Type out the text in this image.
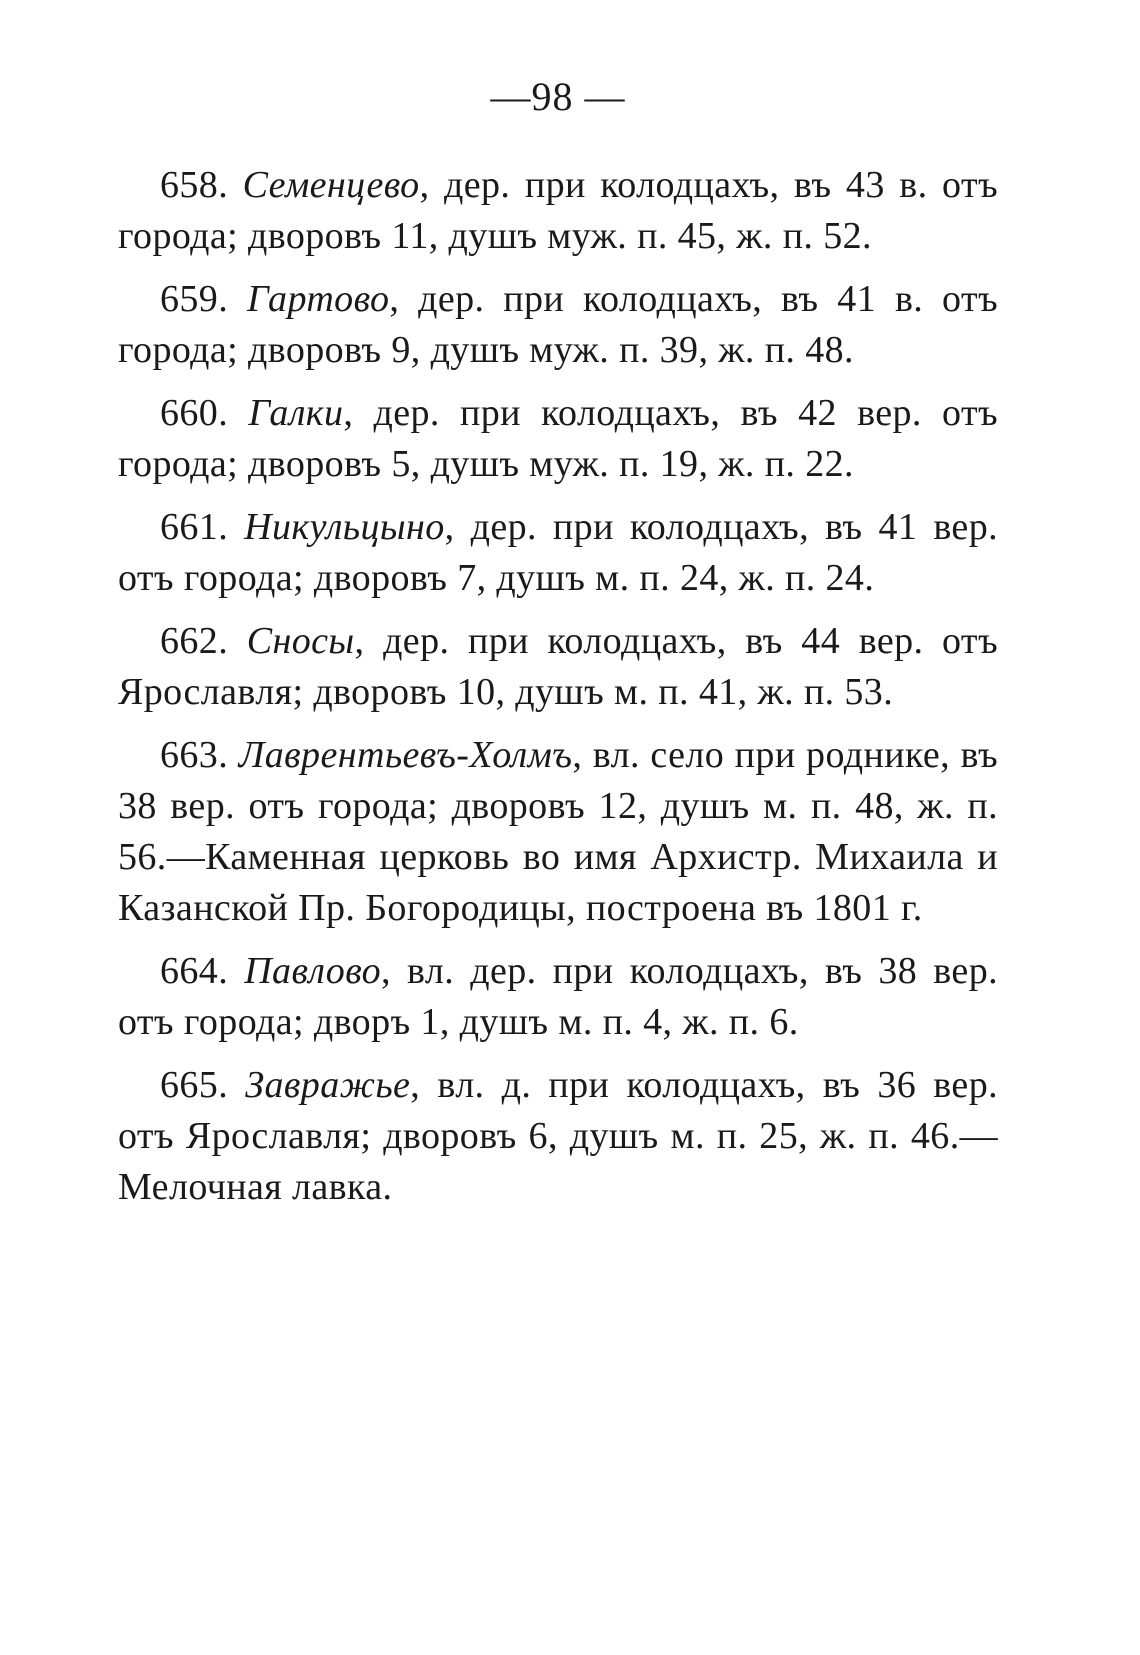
—98 —

658. Семенцево, дер. при колодцахъ, въ 43 в. отъ города; дворовъ 11, душъ муж. п. 45, ж. п. 52.

659. Гартово, дер. при колодцахъ, въ 41 в. отъ города; дворовъ 9, душъ муж. п. 39, ж. п. 48.

660. Галки, дер. при колодцахъ, въ 42 вер. отъ города; дворовъ 5, душъ муж. п. 19, ж. п. 22.

661. Никульцыно, дер. при колодцахъ, въ 41 вер. отъ города; дворовъ 7, душъ м. п. 24, ж. п. 24.

662. Сносы, дер. при колодцахъ, въ 44 вер. отъ Ярославля; дворовъ 10, душъ м. п. 41, ж. п. 53.

663. Лаврентьевъ-Холмъ, вл. село при роднике, въ 38 вер. отъ города; дворовъ 12, душъ м. п. 48, ж. п. 56.—Каменная церковь во имя Архистр. Михаила и Казанской Пр. Богородицы, построена въ 1801 г.

664. Павлово, вл. дер. при колодцахъ, въ 38 вер. отъ города; дворъ 1, душъ м. п. 4, ж. п. 6.

665. Завражье, вл. д. при колодцахъ, въ 36 вер. отъ Ярославля; дворовъ 6, душъ м. п. 25, ж. п. 46.—Мелочная лавка.
